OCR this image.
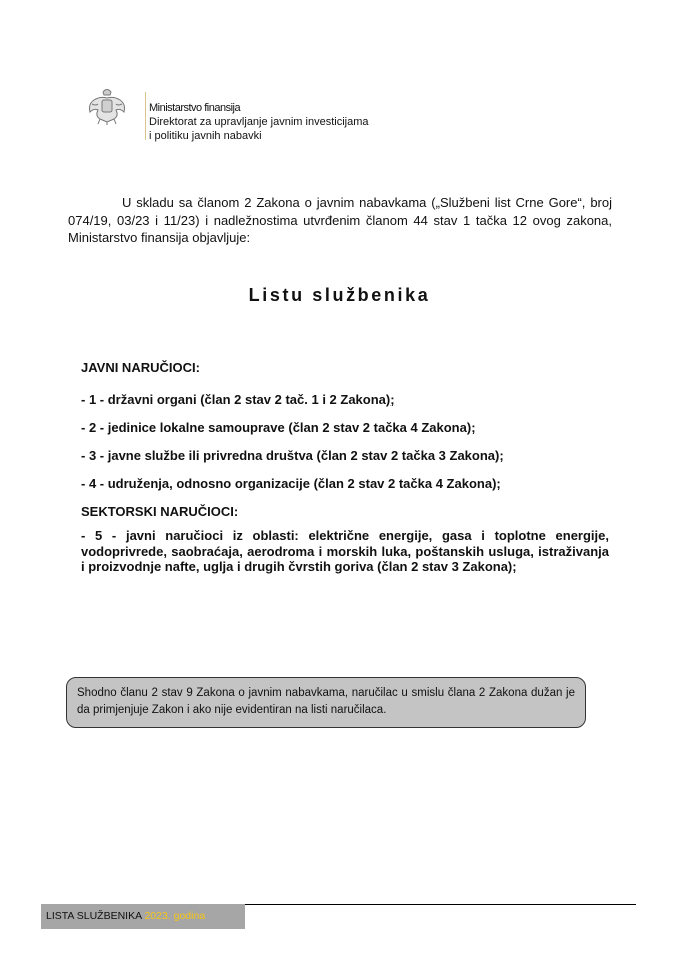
Ministarstvo finansija
Direktorat za upravljanje javnim investicijama
i politiku javnih nabavki
U skladu sa članom 2 Zakona o javnim nabavkama („Službeni list Crne Gore“, broj 074/19, 03/23 i 11/23) i nadležnostima utvrđenim članom 44 stav 1 tačka 12 ovog zakona, Ministarstvo finansija objavljuje:
Listu službenika
JAVNI NARUČIOCI:
- 1 - državni organi (član 2 stav 2 tač. 1 i 2 Zakona);
- 2 - jedinice lokalne samouprave (član 2 stav 2 tačka 4 Zakona);
- 3 - javne službe ili privredna društva (član 2 stav 2 tačka 3 Zakona);
- 4 - udruženja, odnosno organizacije (član 2 stav 2 tačka 4 Zakona);
SEKTORSKI NARUČIOCI:
- 5 - javni naručioci iz oblasti: električne energije, gasa i toplotne energije, vodoprivrede, saobraćaja, aerodroma i morskih luka, poštanskih usluga, istraživanja i proizvodnje nafte, uglja i drugih čvrstih goriva (član 2 stav 3 Zakona);
Shodno članu 2 stav 9 Zakona o javnim nabavkama, naručilac u smislu člana 2 Zakona dužan je da primjenjuje Zakon i ako nije evidentiran na listi naručilaca.
LISTA SLUŽBENIKA 2023. godina
